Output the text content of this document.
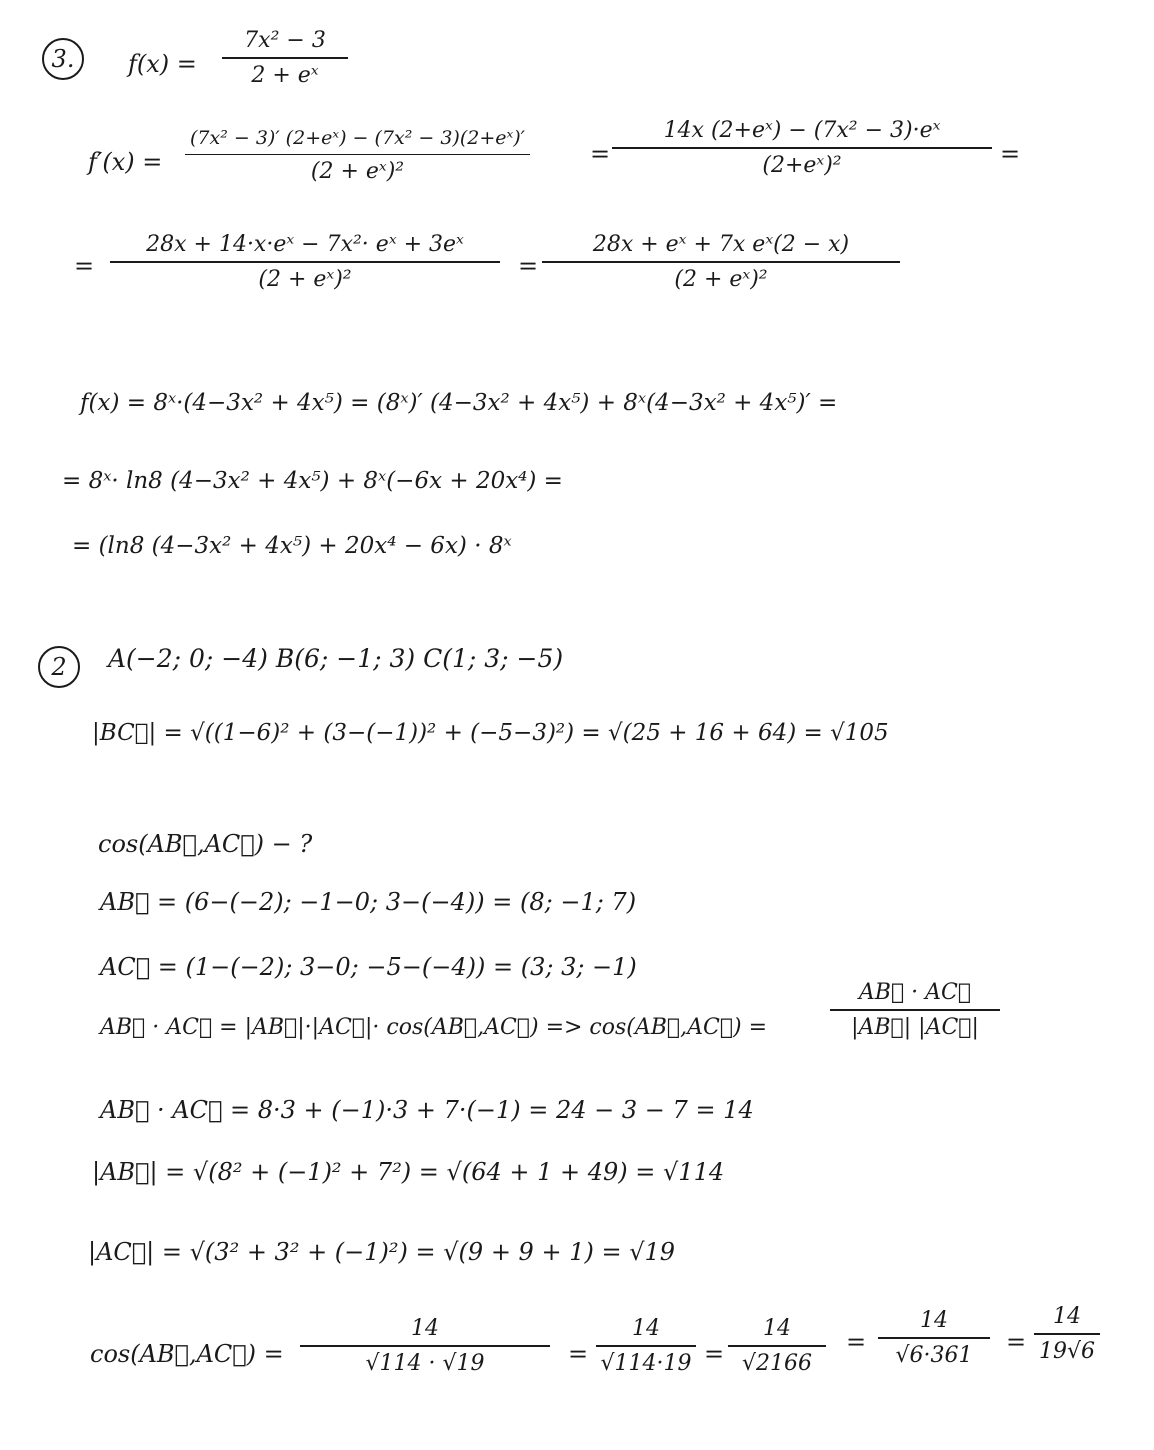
3.	f(x) =
7x² − 3
2 + eˣ
f′(x) =
(7x² − 3)′ (2+eˣ) − (7x² − 3)(2+eˣ)′
(2 + eˣ)²
=
14x (2+eˣ) − (7x² − 3)·eˣ
(2+eˣ)²	=
=
28x + 14·x·eˣ − 7x²· eˣ + 3eˣ
(2 + eˣ)²	=
28x + eˣ + 7x eˣ(2 − x)
(2 + eˣ)²
f(x) = 8ˣ·(4−3x² + 4x⁵) = (8ˣ)′ (4−3x² + 4x⁵) + 8ˣ(4−3x² + 4x⁵)′ =
= 8ˣ· ln8 (4−3x² + 4x⁵) + 8ˣ(−6x + 20x⁴) =
= (ln8 (4−3x² + 4x⁵) + 20x⁴ − 6x) · 8ˣ
2	A(−2; 0; −4) B(6; −1; 3) C(1; 3; −5)
|BC⃗| = √((1−6)² + (3−(−1))² + (−5−3)²) = √(25 + 16 + 64) = √105
cos(AB⃗,AC⃗) − ?
AB⃗ = (6−(−2); −1−0; 3−(−4)) = (8; −1; 7)
AC⃗ = (1−(−2); 3−0; −5−(−4)) = (3; 3; −1)
AB⃗ · AC⃗ = |AB⃗|·|AC⃗|· cos(AB⃗,AC⃗) => cos(AB⃗,AC⃗) =
AB⃗ · AC⃗
|AB⃗| |AC⃗|
AB⃗ · AC⃗ = 8·3 + (−1)·3 + 7·(−1) = 24 − 3 − 7 = 14
|AB⃗| = √(8² + (−1)² + 7²) = √(64 + 1 + 49) = √114
|AC⃗| = √(3² + 3² + (−1)²) = √(9 + 9 + 1) = √19
cos(AB⃗,AC⃗) =
14
√114 · √19	=
14
√114·19 =
14
√2166
=
14
√6·361 =
14
19√6
